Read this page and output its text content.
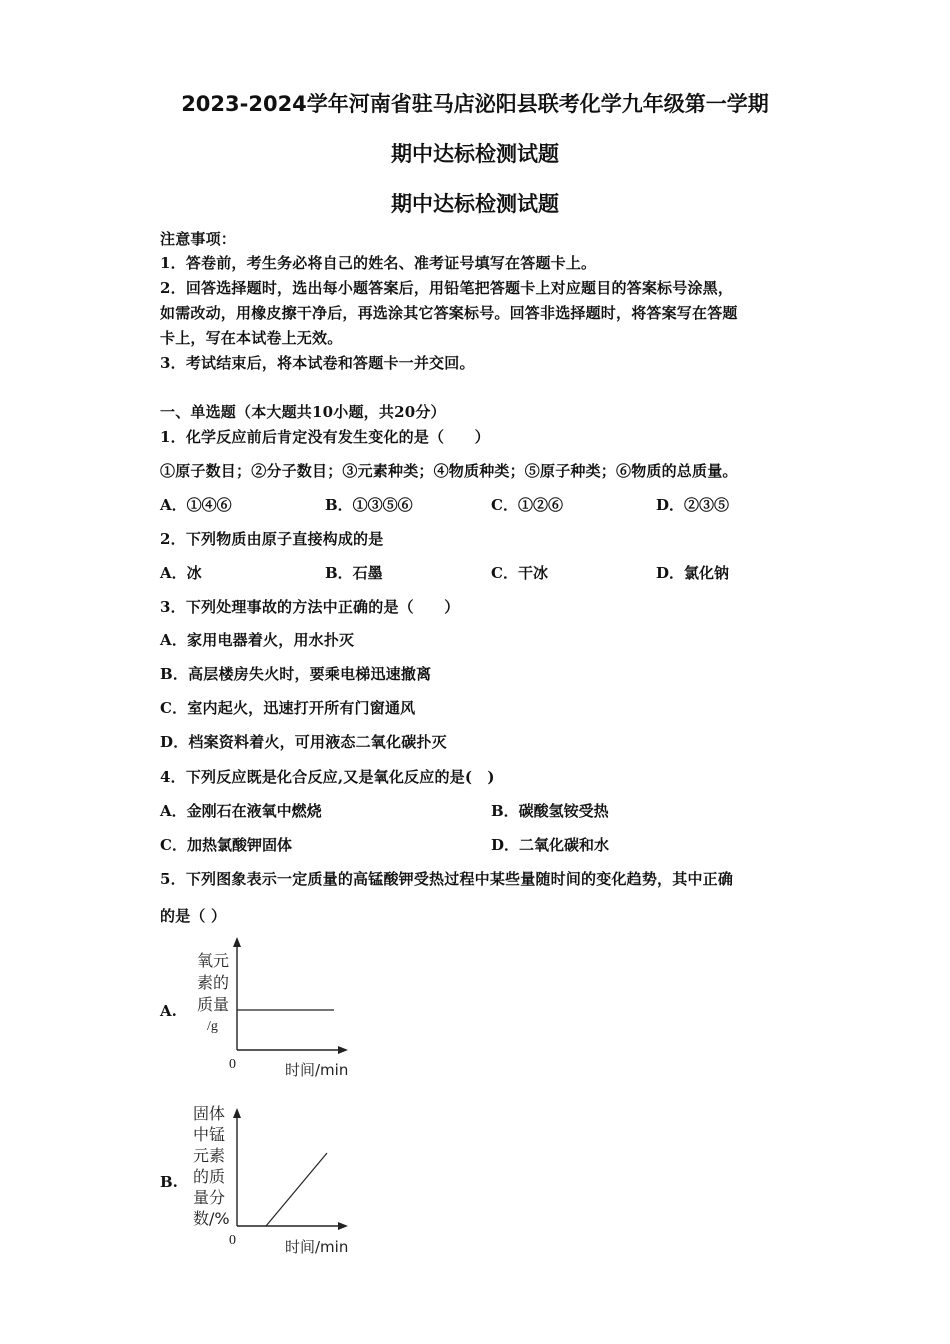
2023-2024学年河南省驻马店泌阳县联考化学九年级第一学期
期中达标检测试题
期中达标检测试题
注意事项：
1．答卷前，考生务必将自己的姓名、准考证号填写在答题卡上。
2．回答选择题时，选出每小题答案后，用铅笔把答题卡上对应题目的答案标号涂黑，
如需改动，用橡皮擦干净后，再选涂其它答案标号。回答非选择题时，将答案写在答题
卡上，写在本试卷上无效。
3．考试结束后，将本试卷和答题卡一并交回。
一、单选题（本大题共10小题，共20分）
1．化学反应前后肯定没有发生变化的是（　　）
①原子数目；②分子数目；③元素种类；④物质种类；⑤原子种类；⑥物质的总质量。
A．①④⑥	B．①③⑤⑥	C．①②⑥	D．②③⑤
2．下列物质由原子直接构成的是
A．冰	B．石墨	C．干冰	D．氯化钠
3．下列处理事故的方法中正确的是（　　）
A．家用电器着火，用水扑灭
B．高层楼房失火时，要乘电梯迅速撤离
C．室内起火，迅速打开所有门窗通风
D．档案资料着火，可用液态二氧化碳扑灭
4．下列反应既是化合反应,又是氧化反应的是(　)
A．金刚石在液氧中燃烧	B．碳酸氢铵受热
C．加热氯酸钾固体	D．二氧化碳和水
5．下列图象表示一定质量的高锰酸钾受热过程中某些量随时间的变化趋势，其中正确
的是（ ）
A.
氧元
素的
质量
/g
0	时间/min
B.
固体
中锰
元素
的质
量分
数/%
0	时间/min
